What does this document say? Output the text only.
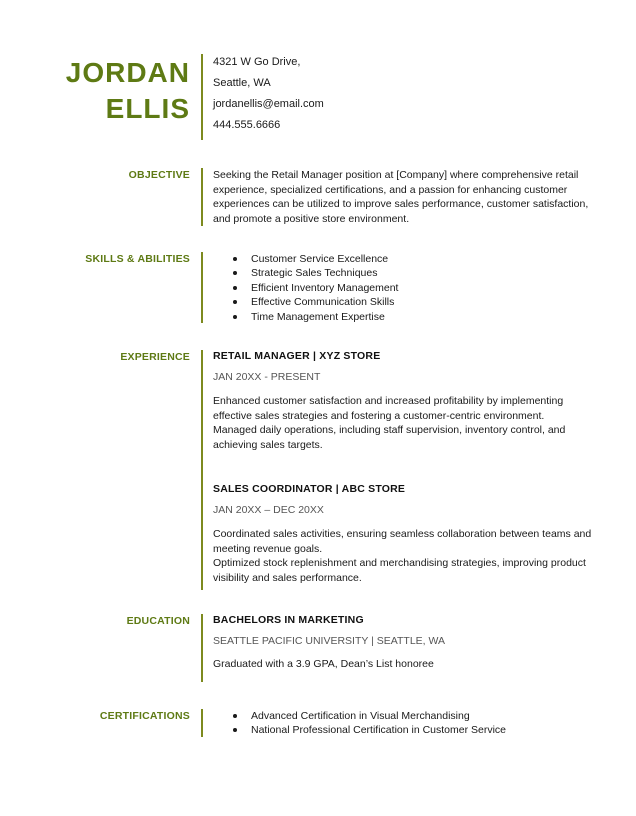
JORDAN
ELLIS
4321 W Go Drive,
Seattle, WA
jordanellis@email.com
444.555.6666
OBJECTIVE Seeking the Retail Manager position at [Company] where comprehensive retail experience, specialized certifications, and a passion for enhancing customer experiences can be utilized to improve sales performance, customer satisfaction, and promote a positive store environment.

SKILLS & ABILITIES	Customer Service Excellence
Strategic Sales Techniques
Efficient Inventory Management
Effective Communication Skills
Time Management Expertise
EXPERIENCE RETAIL MANAGER | XYZ STORE
JAN 20XX - PRESENT

Enhanced customer satisfaction and increased profitability by implementing effective sales strategies and fostering a customer-centric environment.

Managed daily operations, including staff supervision, inventory control, and achieving sales targets.

SALES COORDINATOR | ABC STORE
JAN 20XX – DEC 20XX

Coordinated sales activities, ensuring seamless collaboration between teams and meeting revenue goals.

Optimized stock replenishment and merchandising strategies, improving product visibility and sales performance.

EDUCATION BACHELORS IN MARKETING
SEATTLE PACIFIC UNIVERSITY | SEATTLE, WA
Graduated with a 3.9 GPA, Dean’s List honoree
CERTIFICATIONS	Advanced Certification in Visual Merchandising
National Professional Certification in Customer Service
